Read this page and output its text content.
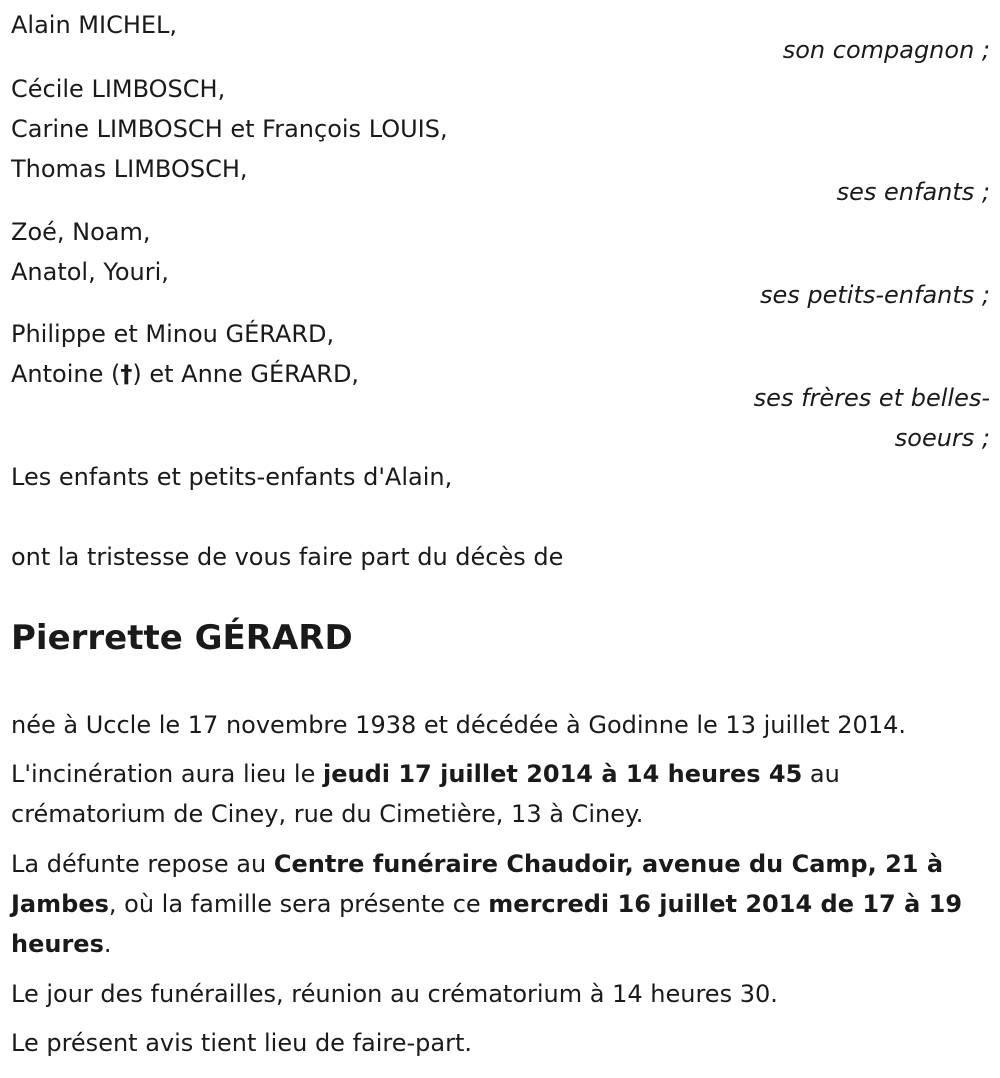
Alain MICHEL,
son compagnon ;
Cécile LIMBOSCH,
Carine LIMBOSCH et François LOUIS,
Thomas LIMBOSCH,
ses enfants ;
Zoé, Noam,
Anatol, Youri,
ses petits-enfants ;
Philippe et Minou GÉRARD,
Antoine (†) et Anne GÉRARD,
ses frères et belles-
soeurs ;
Les enfants et petits-enfants d'Alain,
ont la tristesse de vous faire part du décès de
Pierrette GÉRARD
née à Uccle le 17 novembre 1938 et décédée à Godinne le 13 juillet 2014.
L'incinération aura lieu le jeudi 17 juillet 2014 à 14 heures 45 au
crématorium de Ciney, rue du Cimetière, 13 à Ciney.
La défunte repose au Centre funéraire Chaudoir, avenue du Camp, 21 à
Jambes, où la famille sera présente ce mercredi 16 juillet 2014 de 17 à 19
heures.
Le jour des funérailles, réunion au crématorium à 14 heures 30.
Le présent avis tient lieu de faire-part.
